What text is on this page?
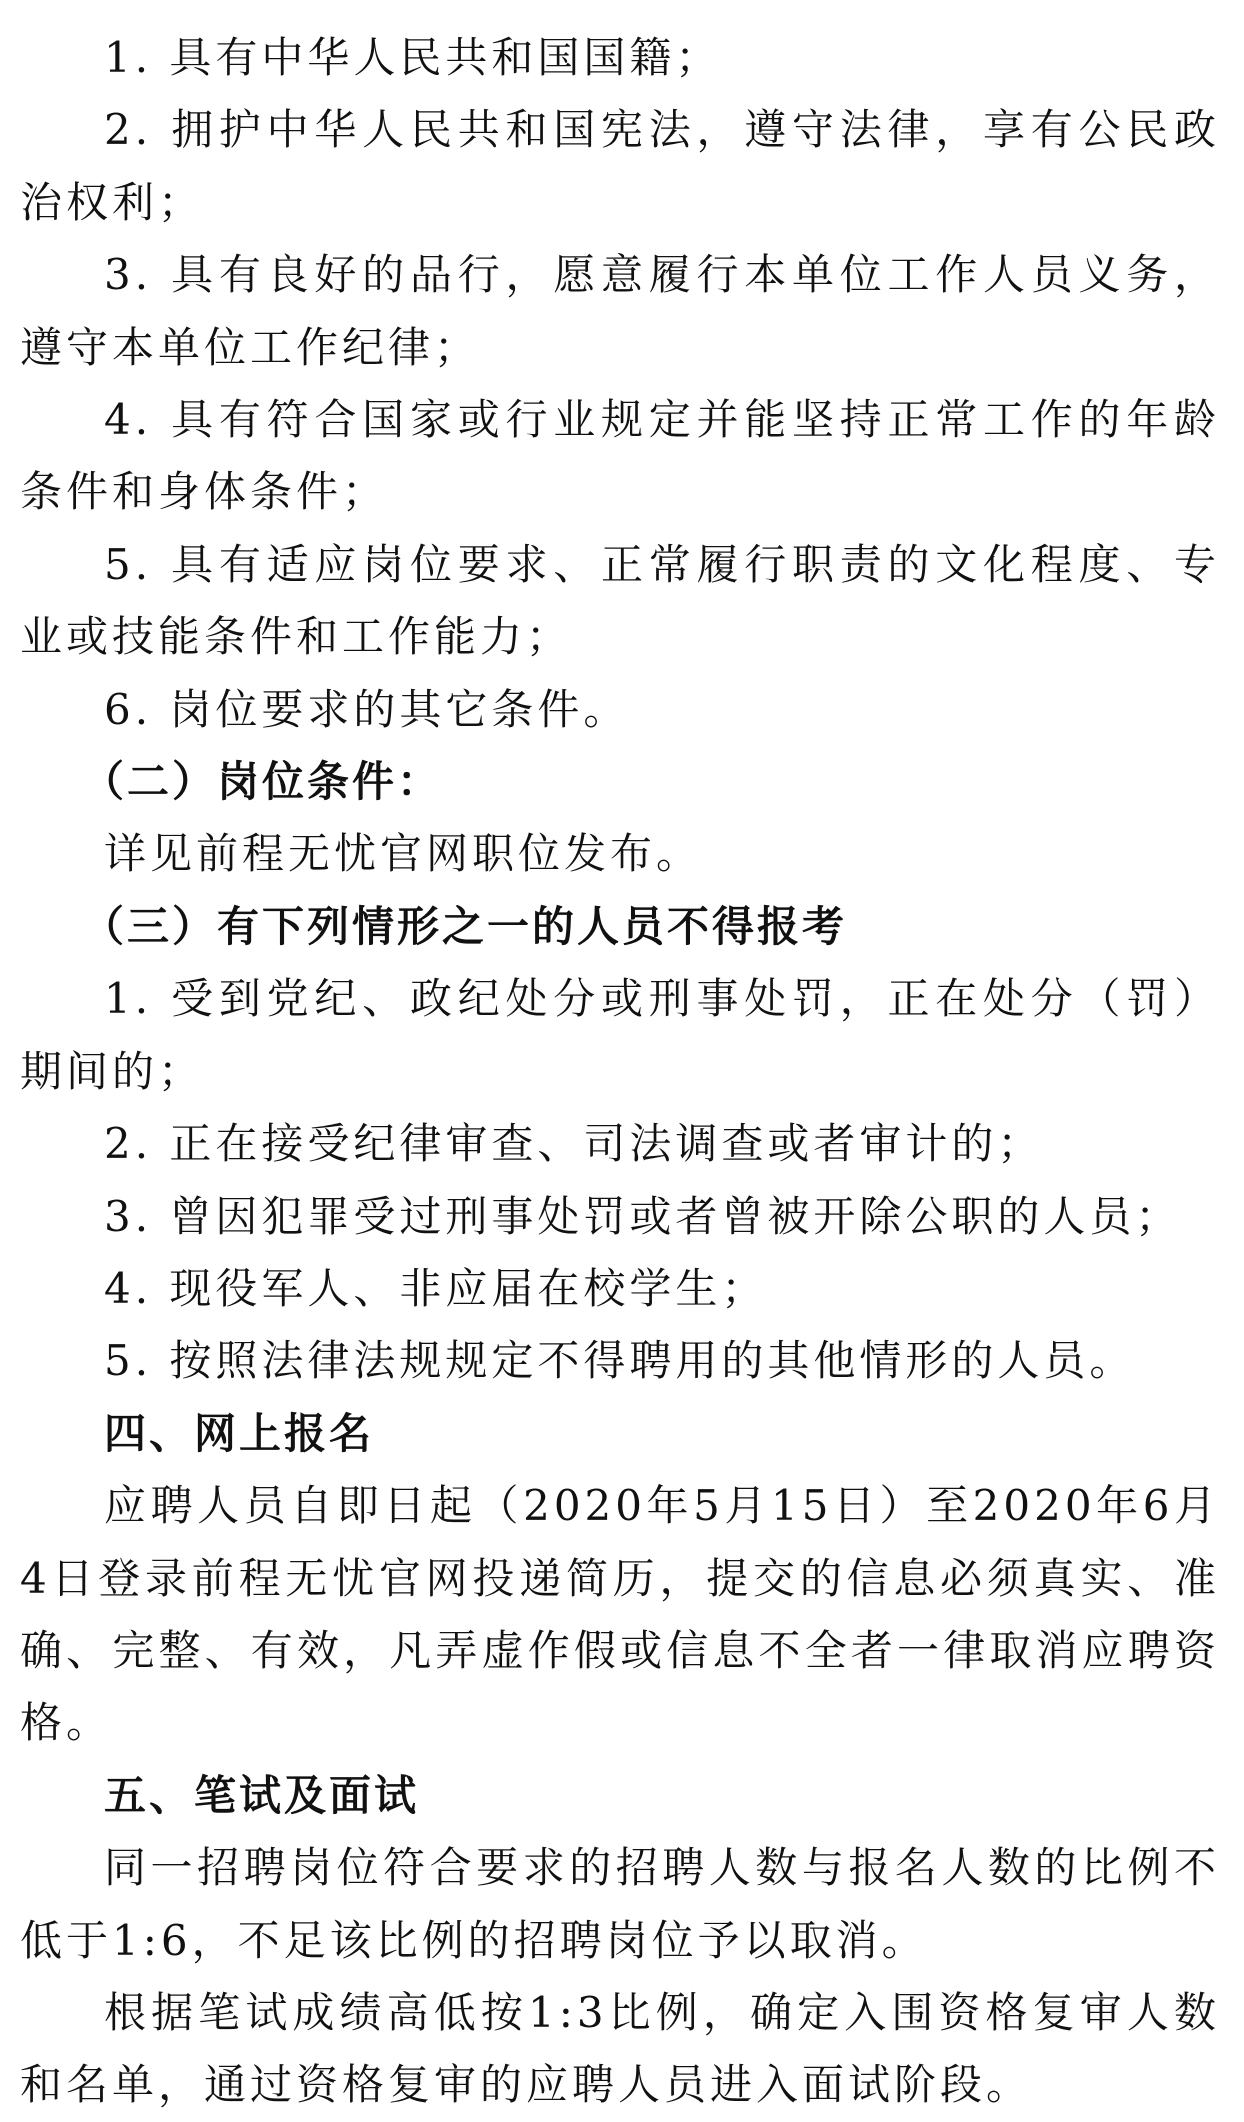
1. 具有中华人民共和国国籍；

2. 拥护中华人民共和国宪法，遵守法律，享有公民政治权利；

3. 具有良好的品行，愿意履行本单位工作人员义务，遵守本单位工作纪律；

4. 具有符合国家或行业规定并能坚持正常工作的年龄条件和身体条件；

5. 具有适应岗位要求、正常履行职责的文化程度、专业或技能条件和工作能力；

6. 岗位要求的其它条件。

（二）岗位条件：

详见前程无忧官网职位发布。

（三）有下列情形之一的人员不得报考

1. 受到党纪、政纪处分或刑事处罚，正在处分（罚）期间的；

2. 正在接受纪律审查、司法调查或者审计的；

3. 曾因犯罪受过刑事处罚或者曾被开除公职的人员；

4. 现役军人、非应届在校学生；

5. 按照法律法规规定不得聘用的其他情形的人员。

四、网上报名

应聘人员自即日起（2020年5月15日）至2020年6月4日登录前程无忧官网投递简历，提交的信息必须真实、准确、完整、有效，凡弄虚作假或信息不全者一律取消应聘资格。

五、笔试及面试

同一招聘岗位符合要求的招聘人数与报名人数的比例不低于1:6，不足该比例的招聘岗位予以取消。

根据笔试成绩高低按1:3比例，确定入围资格复审人数和名单，通过资格复审的应聘人员进入面试阶段。
